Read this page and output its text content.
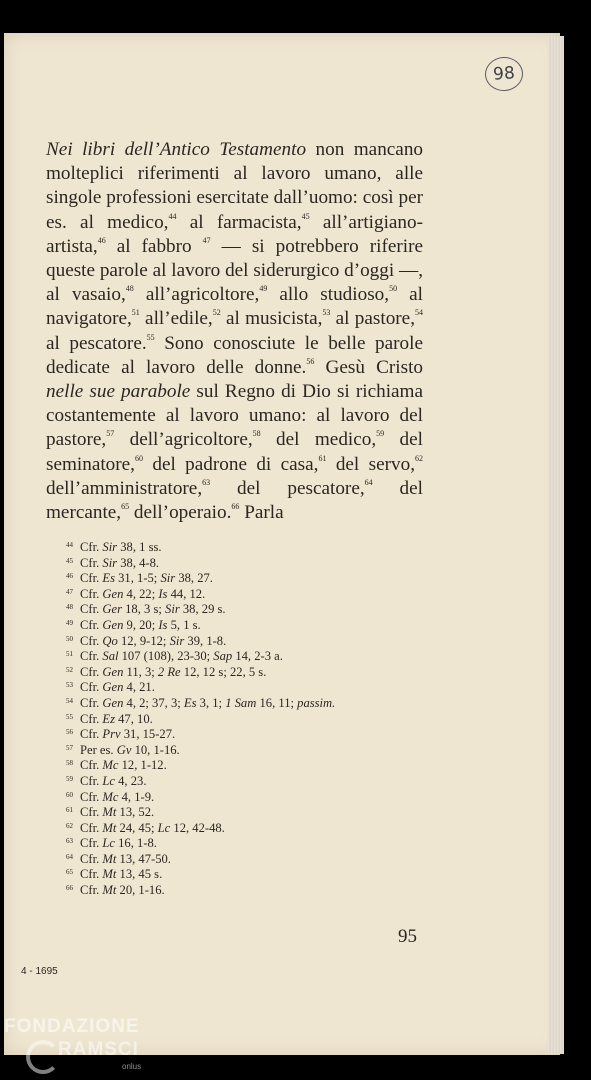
98

Nei libri dell’Antico Testamento non mancano molteplici riferimenti al lavoro umano, alle singole professioni esercitate dall’uomo: così per es. al medico,$^{44}$ al farmacista,$^{45}$ all’artigiano-artista,$^{46}$ al fabbro $^{47}$ — si potrebbero riferire queste parole al lavoro del siderurgico d’oggi —, al vasaio,$^{48}$ all’agricoltore,$^{49}$ allo studioso,$^{50}$ al navigatore,$^{51}$ all’edile,$^{52}$ al musicista,$^{53}$ al pastore,$^{54}$ al pescatore.$^{55}$ Sono conosciute le belle parole dedicate al lavoro delle donne.$^{56}$ Gesù Cristo nelle sue parabole sul Regno di Dio si richiama costantemente al lavoro umano: al lavoro del pastore,$^{57}$ dell’agricoltore,$^{58}$ del medico,$^{59}$ del seminatore,$^{60}$ del padrone di casa,$^{61}$ del servo,$^{62}$ dell’amministratore,$^{63}$ del pescatore,$^{64}$ del mercante,$^{65}$ dell’operaio.$^{66}$ Parla

44 Cfr. Sir 38, 1 ss.
45 Cfr. Sir 38, 4-8.
46 Cfr. Es 31, 1-5; Sir 38, 27.
47 Cfr. Gen 4, 22; Is 44, 12.
48 Cfr. Ger 18, 3 s; Sir 38, 29 s.
49 Cfr. Gen 9, 20; Is 5, 1 s.
50 Cfr. Qo 12, 9-12; Sir 39, 1-8.
51 Cfr. Sal 107 (108), 23-30; Sap 14, 2-3 a.
52 Cfr. Gen 11, 3; 2 Re 12, 12 s; 22, 5 s.
53 Cfr. Gen 4, 21.
54 Cfr. Gen 4, 2; 37, 3; Es 3, 1; 1 Sam 16, 11; passim.
55 Cfr. Ez 47, 10.
56 Cfr. Prv 31, 15-27.
57 Per es. Gv 10, 1-16.
58 Cfr. Mc 12, 1-12.
59 Cfr. Lc 4, 23.
60 Cfr. Mc 4, 1-9.
61 Cfr. Mt 13, 52.
62 Cfr. Mt 24, 45; Lc 12, 42-48.
63 Cfr. Lc 16, 1-8.
64 Cfr. Mt 13, 47-50.
65 Cfr. Mt 13, 45 s.
66 Cfr. Mt 20, 1-16.
95
4 - 1695
FONDAZIONE
RAMSCI
onlus
